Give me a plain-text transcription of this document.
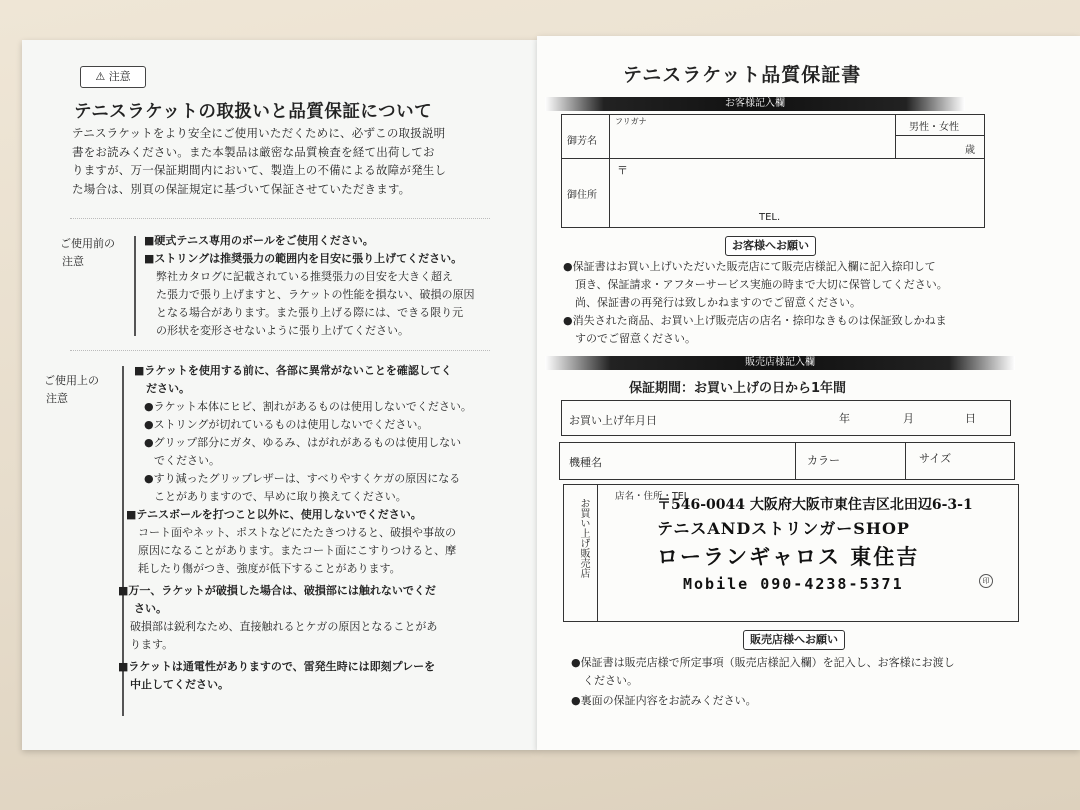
⚠ 注意
テニスラケットの取扱いと品質保証について
テニスラケットをより安全にご使用いただくために、必ずこの取扱説明
書をお読みください。また本製品は厳密な品質検査を経て出荷してお
りますが、万一保証期間内において、製造上の不備による故障が発生し
た場合は、別頁の保証規定に基づいて保証させていただきます。
ご使用前の
注意
■硬式テニス専用のボールをご使用ください。
■ストリングは推奨張力の範囲内を目安に張り上げてください。
弊社カタログに記載されている推奨張力の目安を大きく超え
た張力で張り上げますと、ラケットの性能を損ない、破損の原因
となる場合があります。また張り上げる際には、できる限り元
の形状を変形させないように張り上げてください。
ご使用上の
注意
■ラケットを使用する前に、各部に異常がないことを確認してく
ださい。
●ラケット本体にヒビ、割れがあるものは使用しないでください。
●ストリングが切れているものは使用しないでください。
●グリップ部分にガタ、ゆるみ、はがれがあるものは使用しない
でください。
●すり減ったグリップレザーは、すべりやすくケガの原因になる
ことがありますので、早めに取り換えてください。
■テニスボールを打つこと以外に、使用しないでください。
コート面やネット、ポストなどにたたきつけると、破損や事故の
原因になることがあります。またコート面にこすりつけると、摩
耗したり傷がつき、強度が低下することがあります。
■万一、ラケットが破損した場合は、破損部には触れないでくだ
さい。
破損部は鋭利なため、直接触れるとケガの原因となることがあ
ります。
■ラケットは通電性がありますので、雷発生時には即刻プレーを
中止してください。
テニスラケット品質保証書
お客様記入欄
御芳名
フリガナ
男性・女性
歳
御住所
〒
TEL.
お客様へお願い
●保証書はお買い上げいただいた販売店にて販売店様記入欄に記入捺印して
頂き、保証請求・アフターサービス実施の時まで大切に保管してください。
尚、保証書の再発行は致しかねますのでご留意ください。
●消失された商品、お買い上げ販売店の店名・捺印なきものは保証致しかねま
すのでご留意ください。
販売店様記入欄
保証期間：お買い上げの日から1年間
お買い上げ年月日	年	月	日
機種名	カラー	サイズ
お買い上げ販売店
店名・住所・TEL
〒546-0044 大阪府大阪市東住吉区北田辺6-3-1
テニスANDストリンガーSHOP
ローランギャロス 東住吉
Mobile 090-4238-5371	印
販売店様へお願い
●保証書は販売店様で所定事項（販売店様記入欄）を記入し、お客様にお渡し
ください。
●裏面の保証内容をお読みください。
